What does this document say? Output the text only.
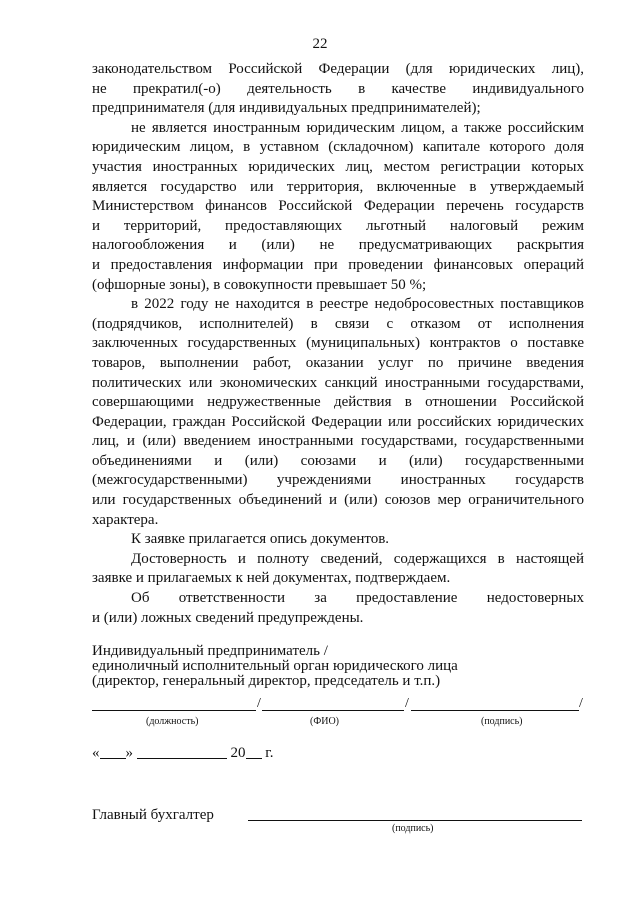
22

законодательством Российской Федерации (для юридических лиц),
не прекратил(-о) деятельность в качестве индивидуального
предпринимателя (для индивидуальных предпринимателей);

не является иностранным юридическим лицом, а также российским
юридическим лицом, в уставном (складочном) капитале которого доля
участия иностранных юридических лиц, местом регистрации которых
является государство или территория, включенные в утверждаемый
Министерством финансов Российской Федерации перечень государств
и территорий, предоставляющих льготный налоговый режим
налогообложения и (или) не предусматривающих раскрытия
и предоставления информации при проведении финансовых операций
(офшорные зоны), в совокупности превышает 50 %;

в 2022 году не находится в реестре недобросовестных поставщиков
(подрядчиков, исполнителей) в связи с отказом от исполнения
заключенных государственных (муниципальных) контрактов о поставке
товаров, выполнении работ, оказании услуг по причине введения
политических или экономических санкций иностранными государствами,
совершающими недружественные действия в отношении Российской
Федерации, граждан Российской Федерации или российских юридических
лиц, и (или) введением иностранными государствами, государственными
объединениями и (или) союзами и (или) государственными
(межгосударственными) учреждениями иностранных государств
или государственных объединений и (или) союзов мер ограничительного
характера.

К заявке прилагается опись документов.

Достоверность и полноту сведений, содержащихся в настоящей
заявке и прилагаемых к ней документах, подтверждаем.

Об ответственности за предоставление недостоверных
и (или) ложных сведений предупреждены.

Индивидуальный предприниматель /
единоличный исполнительный орган юридического лица
(директор, генеральный директор, председатель и т.п.)
/	/	/
(должность)	(ФИО)	(подпись)
« »	20 г.
Главный бухгалтер
(подпись)
